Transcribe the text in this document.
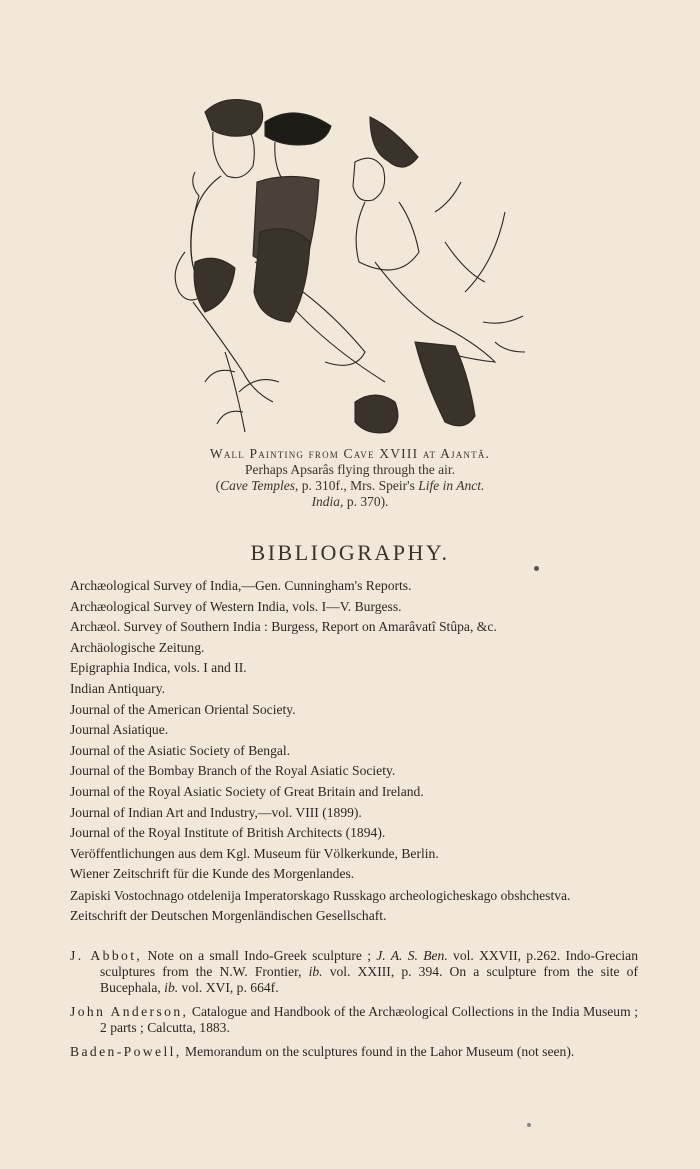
Wall Painting from Cave XVIII at Ajantâ.
Perhaps Apsarâs flying through the air.
(Cave Temples, p. 310f., Mrs. Speir's Life in Anct.
India, p. 370).
BIBLIOGRAPHY.

Archæological Survey of India,—Gen. Cunningham's Reports.

Archæological Survey of Western India, vols. I—V. Burgess.

Archæol. Survey of Southern India : Burgess, Report on Amarâvatî Stûpa, &c.

Archäologische Zeitung.

Epigraphia Indica, vols. I and II.

Indian Antiquary.

Journal of the American Oriental Society.

Journal Asiatique.

Journal of the Asiatic Society of Bengal.

Journal of the Bombay Branch of the Royal Asiatic Society.

Journal of the Royal Asiatic Society of Great Britain and Ireland.

Journal of Indian Art and Industry,—vol. VIII (1899).

Journal of the Royal Institute of British Architects (1894).

Veröffentlichungen aus dem Kgl. Museum für Völkerkunde, Berlin.

Wiener Zeitschrift für die Kunde des Morgenlandes.

Zapiski Vostochnago otdelenija Imperatorskago Russkago archeologicheskago obshchestva.

Zeitschrift der Deutschen Morgenländischen Gesellschaft.

J. Abbot, Note on a small Indo-Greek sculpture ; J. A. S. Ben. vol. XXVII, p.262. Indo-Grecian sculptures from the N.W. Frontier, ib. vol. XXIII, p. 394. On a sculpture from the site of Bucephala, ib. vol. XVI, p. 664f.

John Anderson, Catalogue and Handbook of the Archæological Collections in the India Museum ; 2 parts ; Calcutta, 1883.

Baden-Powell, Memorandum on the sculptures found in the Lahor Museum (not seen).
